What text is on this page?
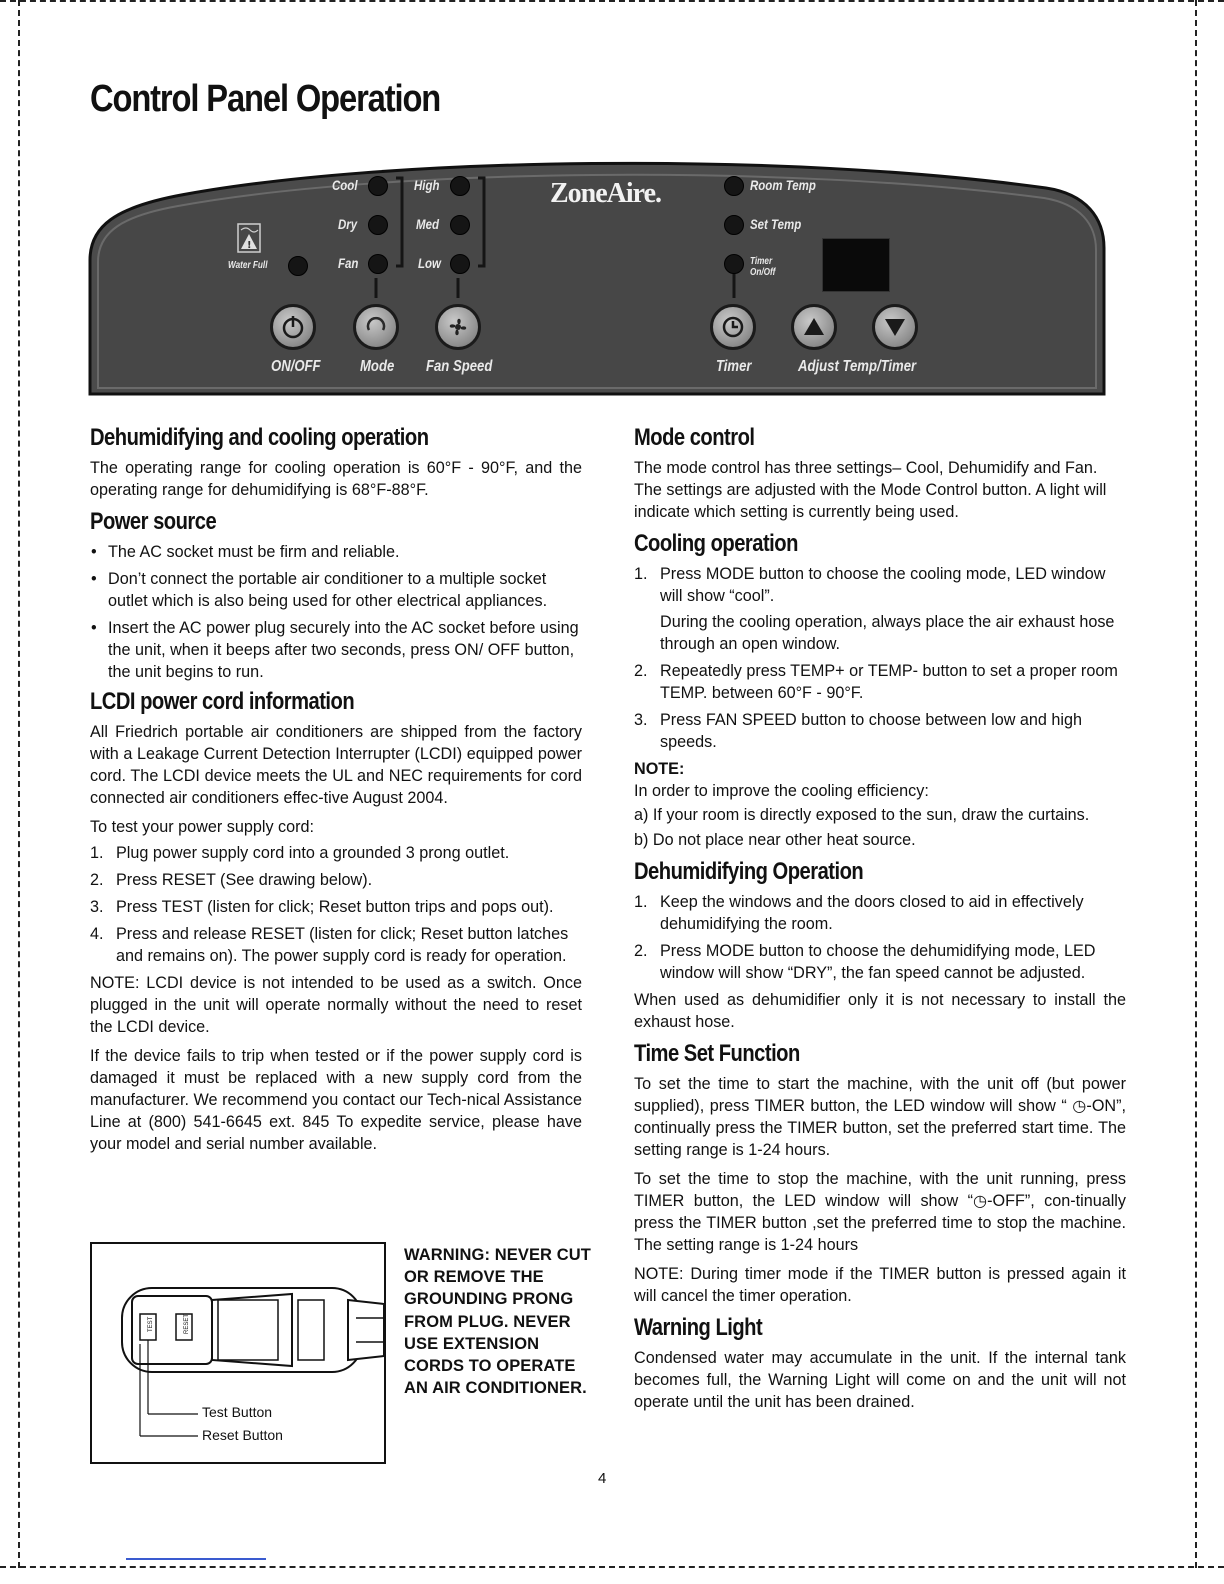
Control Panel Operation
!
ZoneAire.
Water Full
Cool
Dry
Fan
High
Med
Low
Room Temp
Set Temp
Timer On/Off
ON/OFF Mode Fan Speed	Timer	Adjust Temp/Timer
Dehumidifying and cooling operation

The operating range for cooling operation is 60°F - 90°F, and the operating range for dehumidifying is 68°F-88°F.

Power source
• The AC socket must be firm and reliable.
• Don’t connect the portable air conditioner to a multiple socket outlet which is also being used for other electrical appliances.
• Insert the AC power plug securely into the AC socket before using the unit, when it beeps after two seconds, press ON/ OFF button, the unit begins to run.
LCDI power cord information

All Friedrich portable air conditioners are shipped from the factory with a Leakage Current Detection Interrupter (LCDI) equipped power cord. The LCDI device meets the UL and NEC requirements for cord connected air conditioners effec-tive August 2004.

To test your power supply cord:

1. Plug power supply cord into a grounded 3 prong outlet.
2. Press RESET (See drawing below).
3. Press TEST (listen for click; Reset button trips and pops out).
4. Press and release RESET (listen for click; Reset button latches and remains on). The power supply cord is ready for operation.

NOTE: LCDI device is not intended to be used as a switch. Once plugged in the unit will operate normally without the need to reset the LCDI device.

If the device fails to trip when tested or if the power supply cord is damaged it must be replaced with a new supply cord from the manufacturer. We recommend you contact our Tech-nical Assistance Line at (800) 541-6645 ext. 845 To expedite service, please have your model and serial number available.

TEST	RESET
Test Button
Reset Button
WARNING: NEVER CUT OR REMOVE THE GROUNDING PRONG FROM PLUG. NEVER USE EXTENSION CORDS TO OPERATE AN AIR CONDITIONER.
Mode control

The mode control has three settings– Cool, Dehumidify and Fan. The settings are adjusted with the Mode Control button. A light will indicate which setting is currently being used.

Cooling operation
1. Press MODE button to choose the cooling mode, LED window will show “cool”.
During the cooling operation, always place the air exhaust hose through an open window.
2. Repeatedly press TEMP+ or TEMP- button to set a proper room TEMP. between 60°F - 90°F.
3. Press FAN SPEED button to choose between low and high speeds.

NOTE:

In order to improve the cooling efficiency:

a) If your room is directly exposed to the sun, draw the curtains.

b) Do not place near other heat source.

Dehumidifying Operation
1. Keep the windows and the doors closed to aid in effectively dehumidifying the room.
2. Press MODE button to choose the dehumidifying mode, LED window will show “DRY”, the fan speed cannot be adjusted.

When used as dehumidifier only it is not necessary to install the exhaust hose.

Time Set Function

To set the time to start the machine, with the unit off (but power supplied), press TIMER button, the LED window will show “ ◷-ON”, continually press the TIMER button, set the preferred start time. The setting range is 1-24 hours.

To set the time to stop the machine, with the unit running, press TIMER button, the LED window will show “◷-OFF”, con-tinually press the TIMER button ,set the preferred time to stop the machine. The setting range is 1-24 hours

NOTE: During timer mode if the TIMER button is pressed again it will cancel the timer operation.

Warning Light

Condensed water may accumulate in the unit. If the internal tank becomes full, the Warning Light will come on and the unit will not operate until the unit has been drained.

4
